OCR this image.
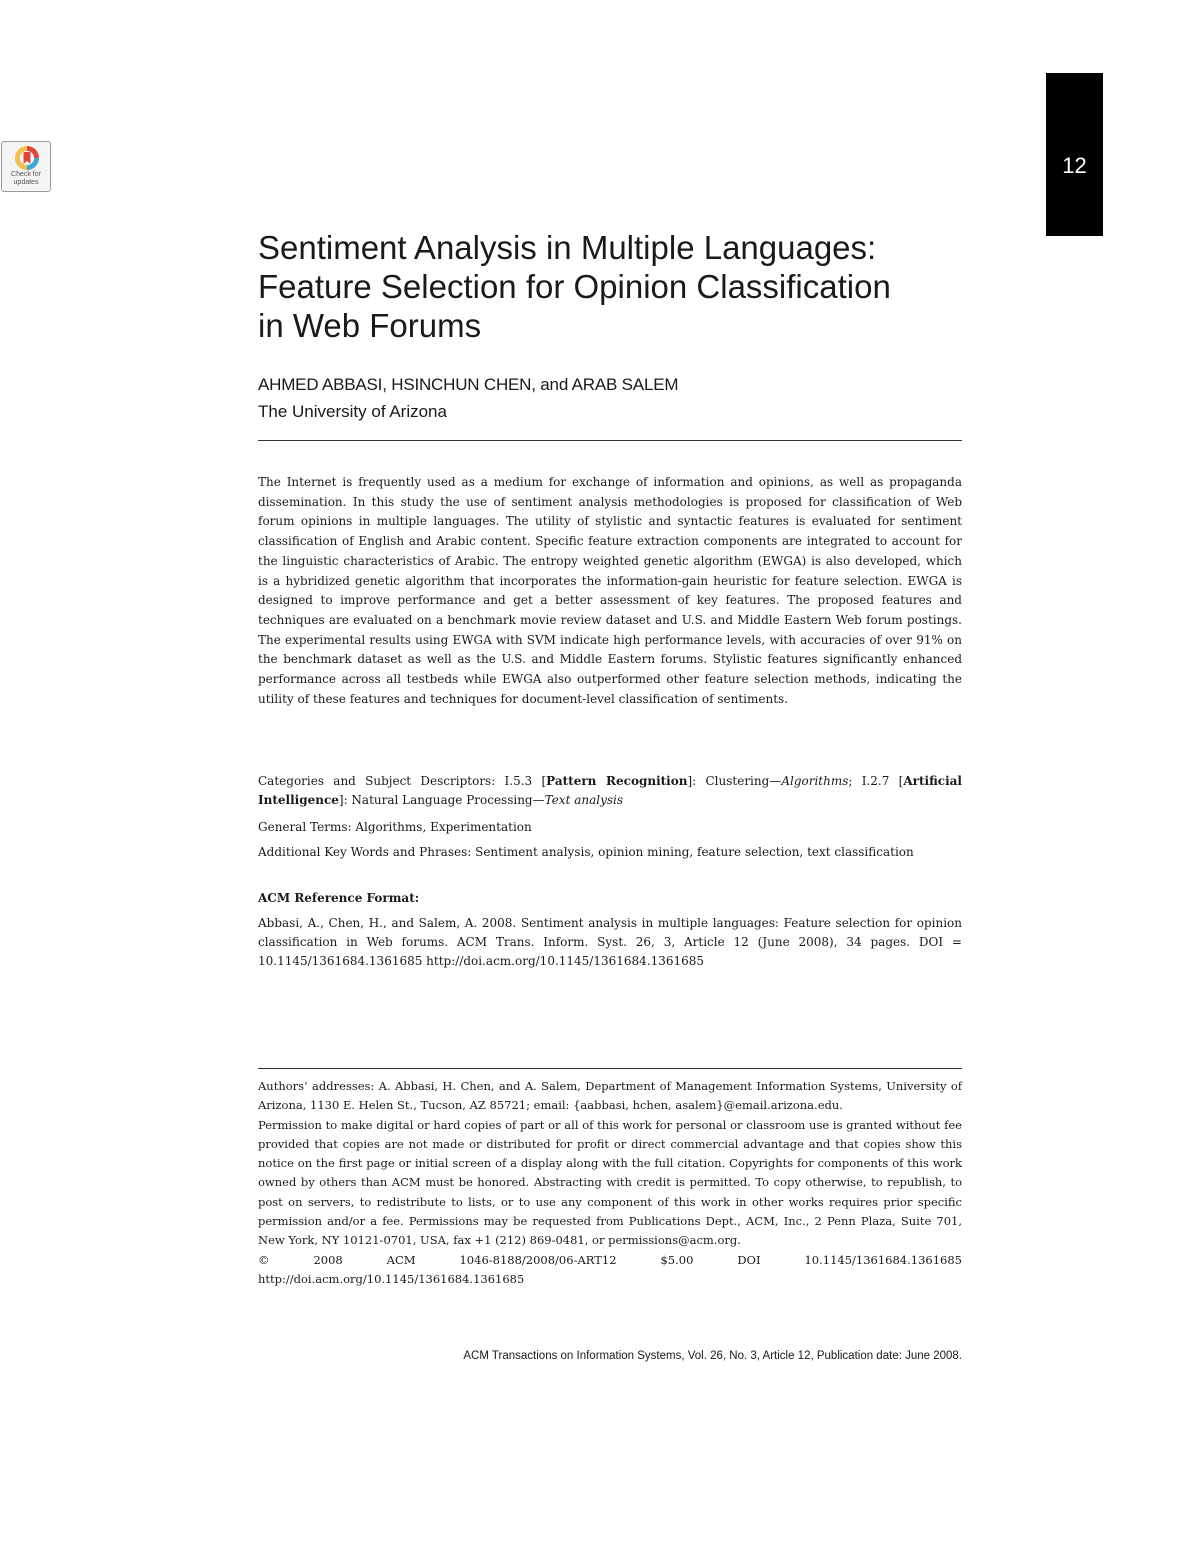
12
Check for updates
Sentiment Analysis in Multiple Languages:
Feature Selection for Opinion Classification
in Web Forums
AHMED ABBASI, HSINCHUN CHEN, and ARAB SALEM
The University of Arizona

The Internet is frequently used as a medium for exchange of information and opinions, as well as propaganda dissemination. In this study the use of sentiment analysis methodologies is proposed for classification of Web forum opinions in multiple languages. The utility of stylistic and syntactic features is evaluated for sentiment classification of English and Arabic content. Specific feature extraction components are integrated to account for the linguistic characteristics of Arabic. The entropy weighted genetic algorithm (EWGA) is also developed, which is a hybridized genetic algorithm that incorporates the information-gain heuristic for feature selection. EWGA is designed to improve performance and get a better assessment of key features. The proposed features and techniques are evaluated on a benchmark movie review dataset and U.S. and Middle Eastern Web forum postings. The experimental results using EWGA with SVM indicate high performance levels, with accuracies of over 91% on the benchmark dataset as well as the U.S. and Middle Eastern forums. Stylistic features significantly enhanced performance across all testbeds while EWGA also outperformed other feature selection methods, indicating the utility of these features and techniques for document-level classification of sentiments.

Categories and Subject Descriptors: I.5.3 [Pattern Recognition]: Clustering—Algorithms; I.2.7 [Artificial Intelligence]: Natural Language Processing—Text analysis

General Terms: Algorithms, Experimentation

Additional Key Words and Phrases: Sentiment analysis, opinion mining, feature selection, text classification

ACM Reference Format:

Abbasi, A., Chen, H., and Salem, A. 2008. Sentiment analysis in multiple languages: Feature selection for opinion classification in Web forums. ACM Trans. Inform. Syst. 26, 3, Article 12 (June 2008), 34 pages. DOI = 10.1145/1361684.1361685 http://doi.acm.org/10.1145/1361684.1361685

Authors’ addresses: A. Abbasi, H. Chen, and A. Salem, Department of Management Information Systems, University of Arizona, 1130 E. Helen St., Tucson, AZ 85721; email: {aabbasi, hchen, asalem}@email.arizona.edu.
Permission to make digital or hard copies of part or all of this work for personal or classroom use is granted without fee provided that copies are not made or distributed for profit or direct commercial advantage and that copies show this notice on the first page or initial screen of a display along with the full citation. Copyrights for components of this work owned by others than ACM must be honored. Abstracting with credit is permitted. To copy otherwise, to republish, to post on servers, to redistribute to lists, or to use any component of this work in other works requires prior specific permission and/or a fee. Permissions may be requested from Publications Dept., ACM, Inc., 2 Penn Plaza, Suite 701, New York, NY 10121-0701, USA, fax +1 (212) 869-0481, or permissions@acm.org.
© 2008 ACM 1046-8188/2008/06-ART12 $5.00 DOI 10.1145/1361684.1361685 http://doi.acm.org/10.1145/1361684.1361685
ACM Transactions on Information Systems, Vol. 26, No. 3, Article 12, Publication date: June 2008.
